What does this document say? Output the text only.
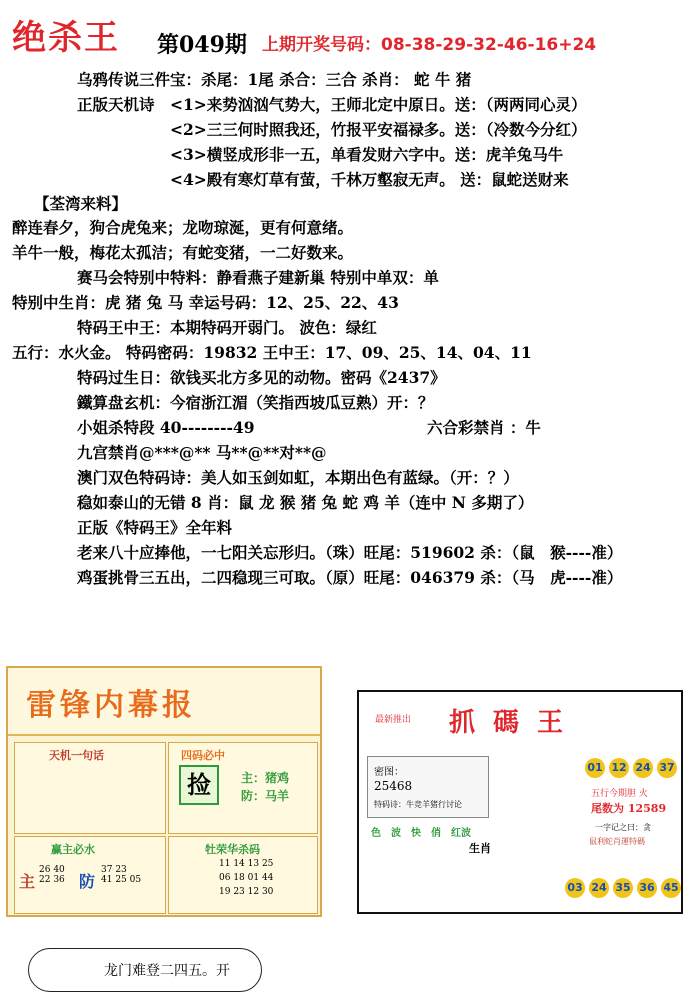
绝杀王 第049期 上期开奖号码：08-38-29-32-46-16+24
乌鸦传说三件宝：杀尾：1尾 杀合：三合 杀肖： 蛇 牛 猪
正版天机诗　<1>来势汹汹气势大，王师北定中原日。送：（两两同心灵）
<2>三三何时照我还，竹报平安福禄多。送：（冷数今分红）
<3>横竖成形非一五，单看发财六字中。送：虎羊兔马牛
<4>殿有寒灯草有萤，千林万壑寂无声。 送：鼠蛇送财来
【荃湾来料】
醉连春夕，狗合虎兔来；龙吻琼涎，更有何意绪。
羊牛一般，梅花太孤洁；有蛇变猪，一二好数来。
赛马会特别中特料：静看燕子建新巢 特别中单双：单
特别中生肖：虎 猪 兔 马 幸运号码：12、25、22、43
特码王中王：本期特码开弱门。 波色：绿红
五行：水火金。 特码密码：19832 王中王：17、09、25、14、04、11
特码过生日：欲钱买北方多见的动物。密码《2437》
鐵算盘玄机：今宿浙江湄（笑指西坡瓜豆熟）开：？
小姐杀特段 40--------49	六合彩禁肖 ：牛
九宫禁肖@***@** 马**@**对**@
澳门双色特码诗：美人如玉剑如虹，本期出色有蓝绿。（开：？）
稳如泰山的无错 8 肖：鼠 龙 猴 猪 兔 蛇 鸡 羊（连中 N 多期了）
正版《特码王》全年料
老来八十应捧他，一七阳关忘形归。（珠）旺尾：519602 杀：（鼠　猴----准）
鸡蛋挑骨三五出，二四稳现三可取。（原）旺尾：046379 杀：（马　虎----准）
雷锋内幕报
天机一句话	四码必中
捡	主：猪鸡
防：马羊
赢主必水
主
26 40
22 36 防
37 23
41 25 05
牡荣华杀码
11 14 13 25
06 18 01 44
19 23 12 30
最新推出 抓碼王
密图：
25468
特码诗：牛竞羊猪行讨论
01 12 24 37
五行今期胆 火
尾数为 12589
色　波　快　俏　红波
生肖
一字记之曰：贪
鼠利蛇肖運特碼
03 24 35 36 45
龙门难登二四五。开
